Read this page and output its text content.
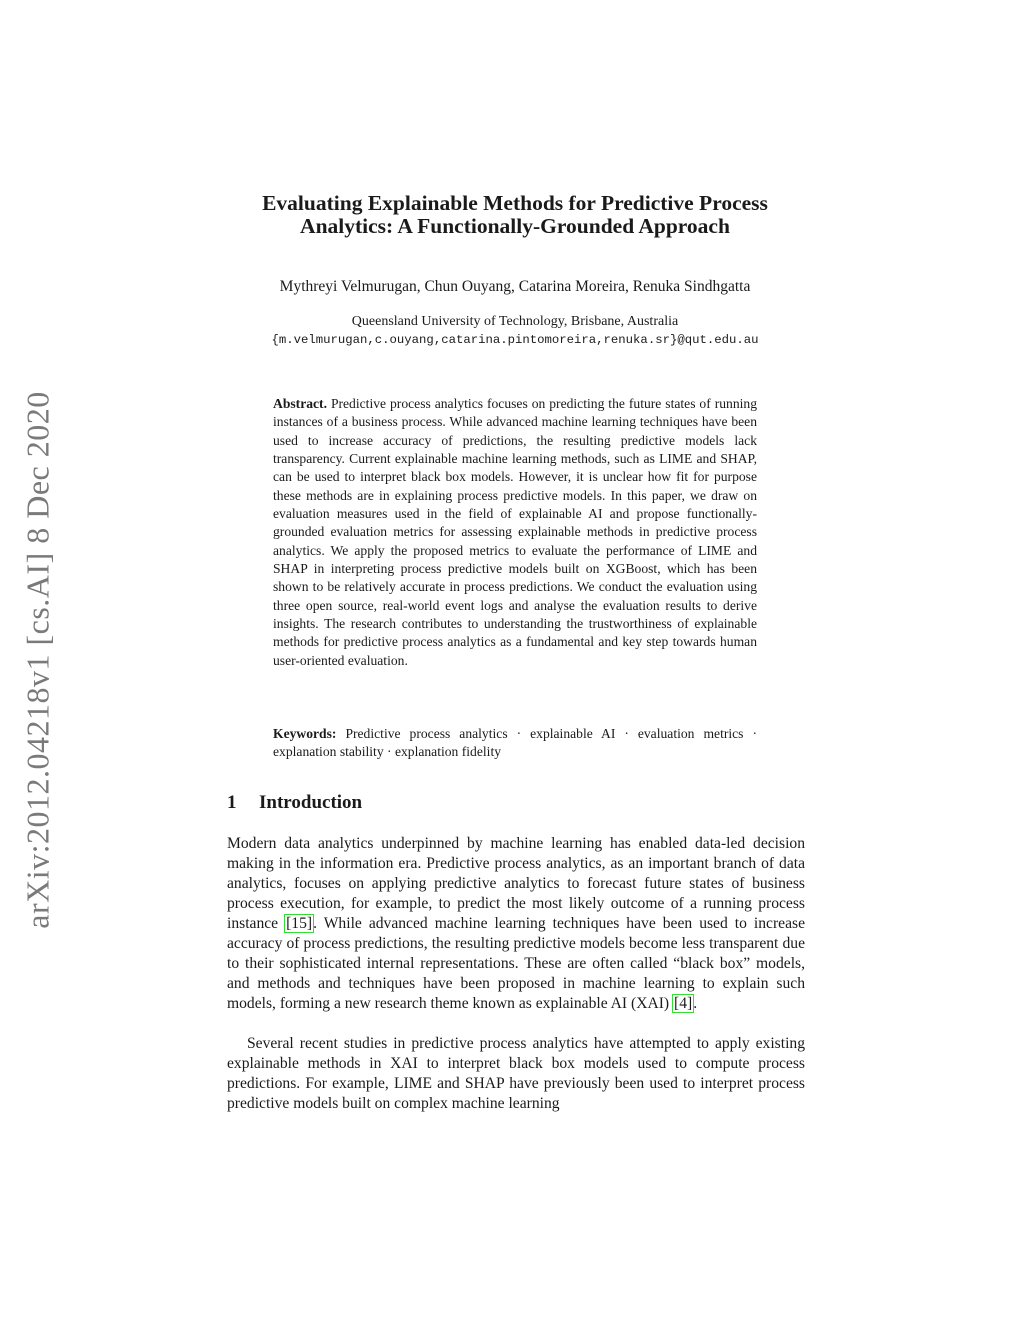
arXiv:2012.04218v1 [cs.AI] 8 Dec 2020
Evaluating Explainable Methods for Predictive Process
Analytics: A Functionally-Grounded Approach
Mythreyi Velmurugan, Chun Ouyang, Catarina Moreira, Renuka Sindhgatta
Queensland University of Technology, Brisbane, Australia
{m.velmurugan,c.ouyang,catarina.pintomoreira,renuka.sr}@qut.edu.au
Abstract. Predictive process analytics focuses on predicting the future states of running instances of a business process. While advanced machine learning techniques have been used to increase accuracy of predictions, the resulting predictive models lack transparency. Current explainable machine learning methods, such as LIME and SHAP, can be used to interpret black box models. However, it is unclear how fit for purpose these methods are in explaining process predictive models. In this paper, we draw on evaluation measures used in the field of explainable AI and propose functionally-grounded evaluation metrics for assessing explainable methods in predictive process analytics. We apply the proposed metrics to evaluate the performance of LIME and SHAP in interpreting process predictive models built on XGBoost, which has been shown to be relatively accurate in process predictions. We conduct the evaluation using three open source, real-world event logs and analyse the evaluation results to derive insights. The research contributes to understanding the trustworthiness of explainable methods for predictive process analytics as a fundamental and key step towards human user-oriented evaluation.
Keywords: Predictive process analytics · explainable AI · evaluation metrics · explanation stability · explanation fidelity
1 Introduction
Modern data analytics underpinned by machine learning has enabled data-led decision making in the information era. Predictive process analytics, as an important branch of data analytics, focuses on applying predictive analytics to forecast future states of business process execution, for example, to predict the most likely outcome of a running process instance [15]. While advanced machine learning techniques have been used to increase accuracy of process predictions, the resulting predictive models become less transparent due to their sophisticated internal representations. These are often called “black box” models, and methods and techniques have been proposed in machine learning to explain such models, forming a new research theme known as explainable AI (XAI) [4].
Several recent studies in predictive process analytics have attempted to apply existing explainable methods in XAI to interpret black box models used to compute process predictions. For example, LIME and SHAP have previously been used to interpret process predictive models built on complex machine learning
